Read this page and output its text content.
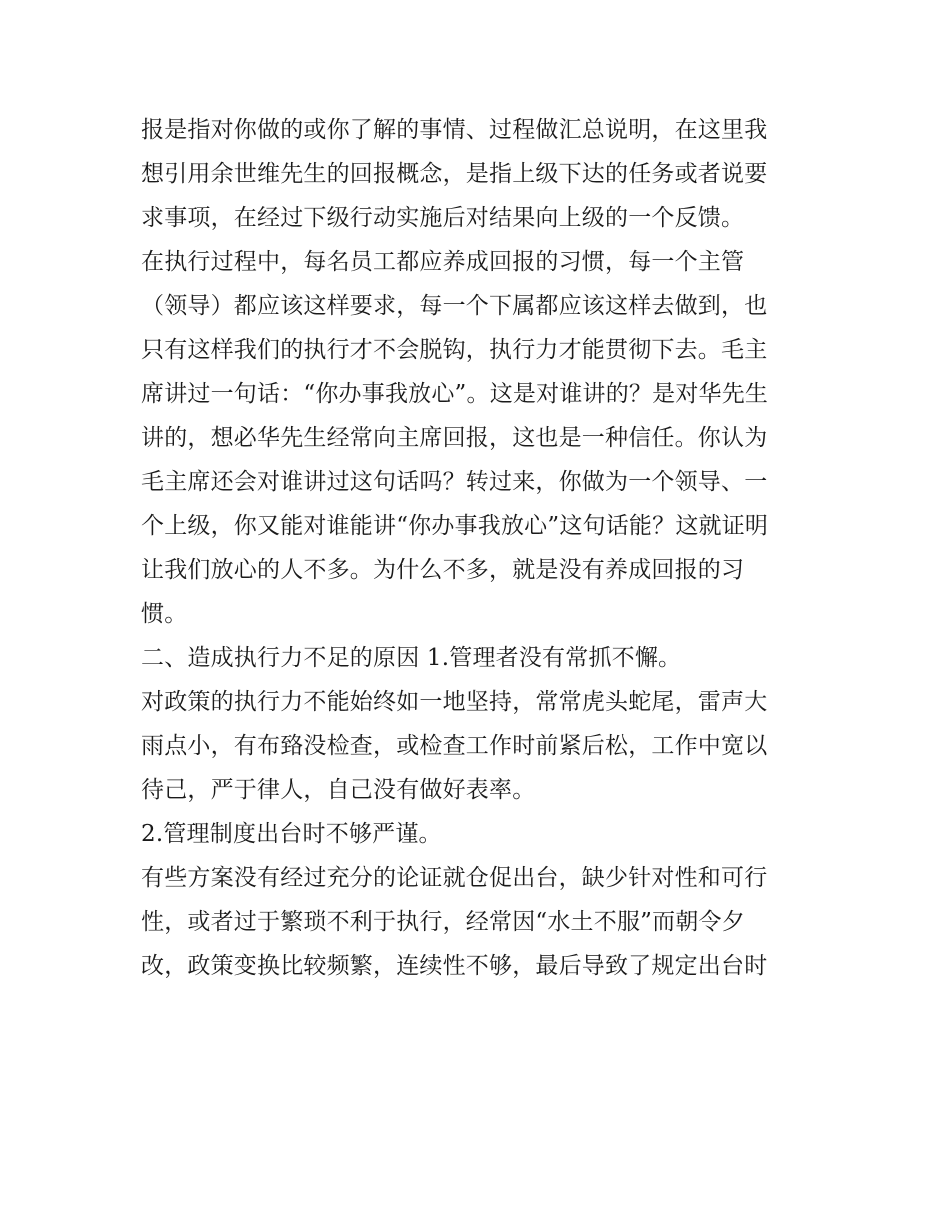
报是指对你做的或你了解的事情、过程做汇总说明，在这里我
想引用余世维先生的回报概念，是指上级下达的任务或者说要
求事项，在经过下级行动实施后对结果向上级的一个反馈。
在执行过程中，每名员工都应养成回报的习惯，每一个主管
（领导）都应该这样要求，每一个下属都应该这样去做到，也
只有这样我们的执行才不会脱钩，执行力才能贯彻下去。毛主
席讲过一句话：“你办事我放心”。这是对谁讲的？是对华先生
讲的，想必华先生经常向主席回报，这也是一种信任。你认为
毛主席还会对谁讲过这句话吗？转过来，你做为一个领导、一
个上级，你又能对谁能讲“你办事我放心”这句话能？这就证明
让我们放心的人不多。为什么不多，就是没有养成回报的习
惯。
二、造成执行力不足的原因 1.管理者没有常抓不懈。
对政策的执行力不能始终如一地坚持，常常虎头蛇尾，雷声大
雨点小，有布臵没检查，或检查工作时前紧后松，工作中宽以
待己，严于律人，自己没有做好表率。
2.管理制度出台时不够严谨。
有些方案没有经过充分的论证就仓促出台，缺少针对性和可行
性，或者过于繁琐不利于执行，经常因“水土不服”而朝令夕
改，政策变换比较频繁，连续性不够，最后导致了规定出台时
